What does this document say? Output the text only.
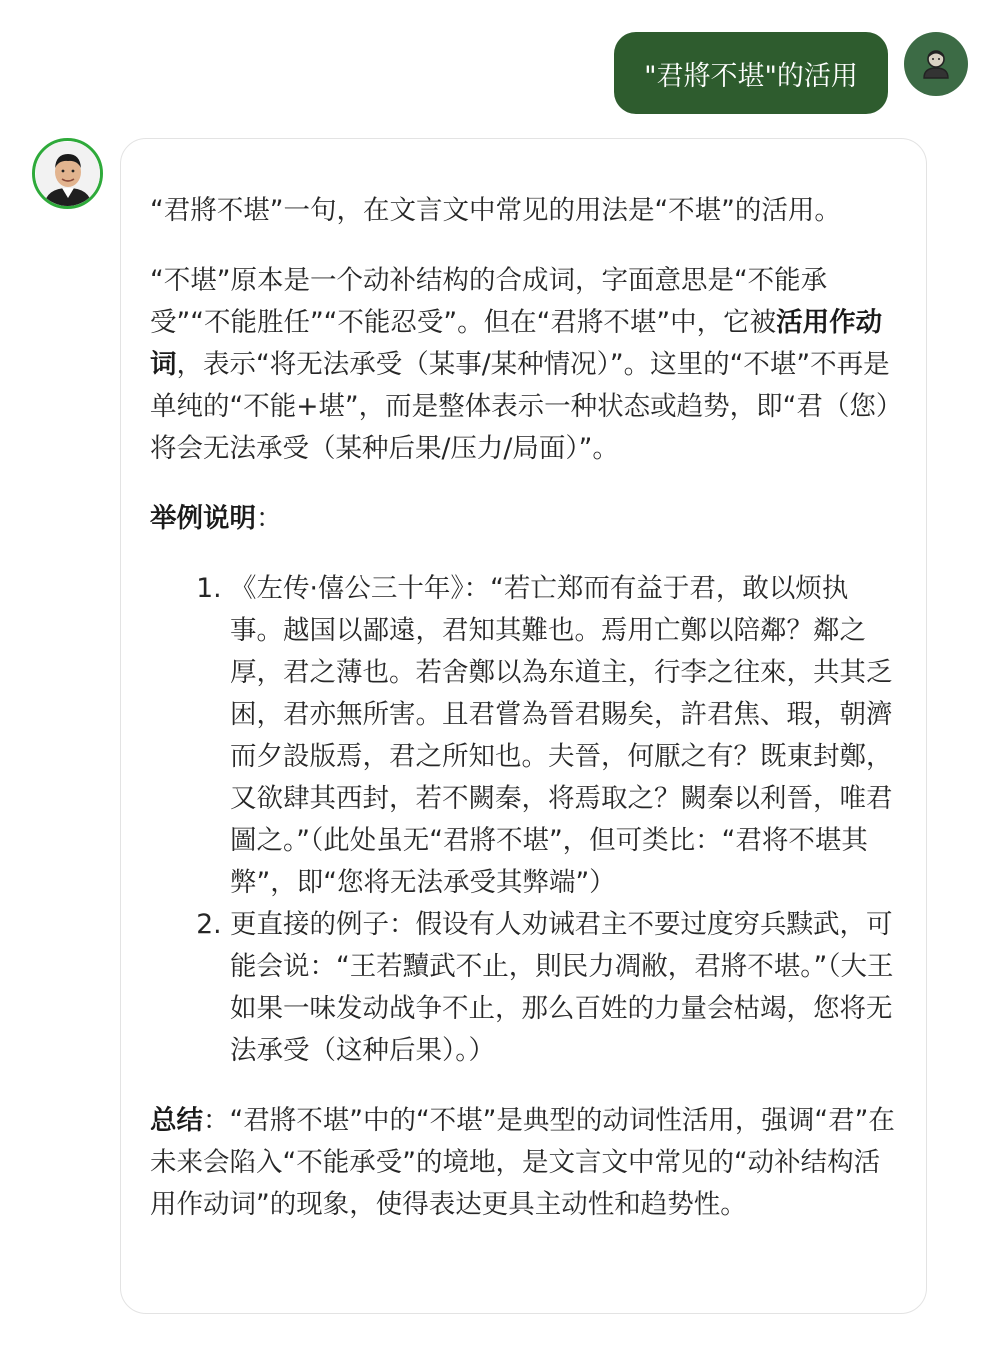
"君將不堪"的活用

“君將不堪”一句，在文言文中常见的用法是“不堪”的活用。

“不堪”原本是一个动补结构的合成词，字面意思是“不能承受”“不能胜任”“不能忍受”。但在“君將不堪”中，它被活用作动词，表示“将无法承受（某事/某种情况）”。这里的“不堪”不再是单纯的“不能+堪”，而是整体表示一种状态或趋势，即“君（您）将会无法承受（某种后果/压力/局面）”。

举例说明：

1. 《左传·僖公三十年》：“若亡郑而有益于君，敢以烦执事。越国以鄙遠，君知其難也。焉用亡鄭以陪鄰？鄰之厚，君之薄也。若舍鄭以為东道主，行李之往來，共其乏困，君亦無所害。且君嘗為晉君賜矣，許君焦、瑕，朝濟而夕設版焉，君之所知也。夫晉，何厭之有？既東封鄭，又欲肆其西封，若不闕秦，将焉取之？闕秦以利晉，唯君圖之。”（此处虽无“君將不堪”，但可类比：“君将不堪其弊”，即“您将无法承受其弊端”）
2. 更直接的例子：假设有人劝诫君主不要过度穷兵黩武，可能会说：“王若黷武不止，則民力凋敝，君將不堪。”（大王如果一味发动战争不止，那么百姓的力量会枯竭，您将无法承受（这种后果）。）

总结：“君將不堪”中的“不堪”是典型的动词性活用，强调“君”在未来会陷入“不能承受”的境地，是文言文中常见的“动补结构活用作动词”的现象，使得表达更具主动性和趋势性。
